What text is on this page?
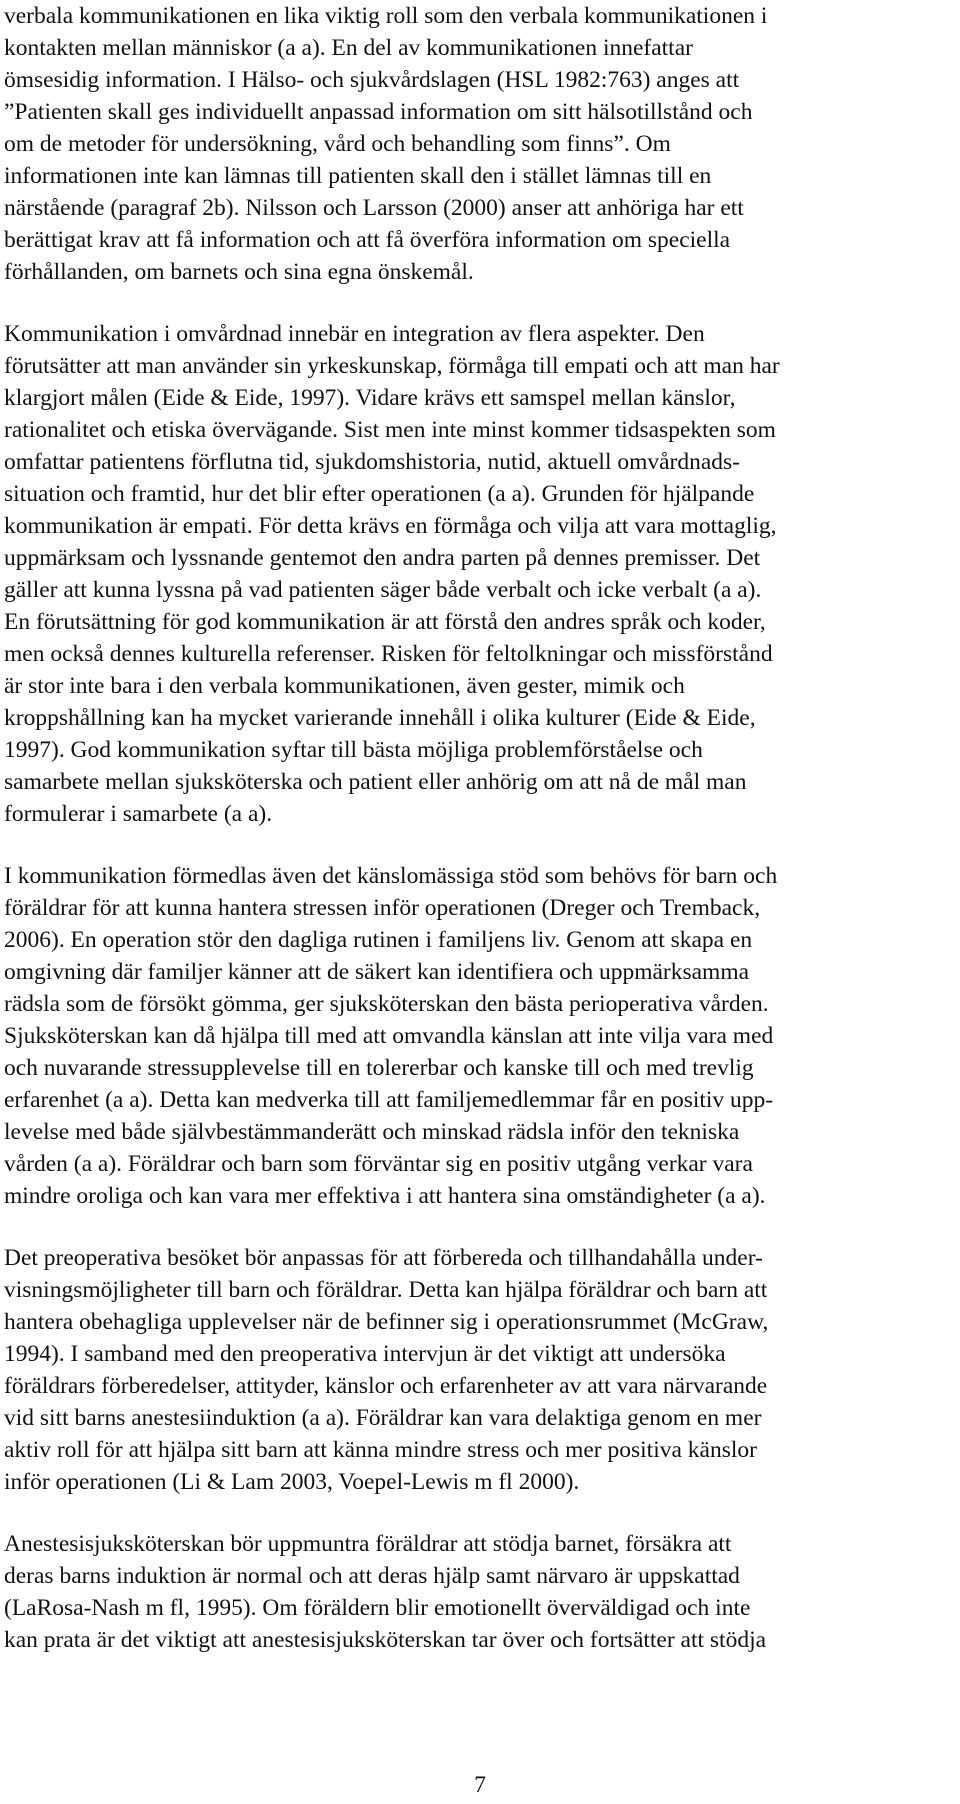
verbala kommunikationen en lika viktig roll som den verbala kommunikationen i
kontakten mellan människor (a a). En del av kommunikationen innefattar
ömsesidig information. I Hälso- och sjukvårdslagen (HSL 1982:763) anges att
”Patienten skall ges individuellt anpassad information om sitt hälsotillstånd och
om de metoder för undersökning, vård och behandling som finns”. Om
informationen inte kan lämnas till patienten skall den i stället lämnas till en
närstående (paragraf 2b). Nilsson och Larsson (2000) anser att anhöriga har ett
berättigat krav att få information och att få överföra information om speciella
förhållanden, om barnets och sina egna önskemål.
Kommunikation i omvårdnad innebär en integration av flera aspekter. Den
förutsätter att man använder sin yrkeskunskap, förmåga till empati och att man har
klargjort målen (Eide & Eide, 1997). Vidare krävs ett samspel mellan känslor,
rationalitet och etiska övervägande. Sist men inte minst kommer tidsaspekten som
omfattar patientens förflutna tid, sjukdomshistoria, nutid, aktuell omvårdnads-
situation och framtid, hur det blir efter operationen (a a). Grunden för hjälpande
kommunikation är empati. För detta krävs en förmåga och vilja att vara mottaglig,
uppmärksam och lyssnande gentemot den andra parten på dennes premisser. Det
gäller att kunna lyssna på vad patienten säger både verbalt och icke verbalt (a a).
En förutsättning för god kommunikation är att förstå den andres språk och koder,
men också dennes kulturella referenser. Risken för feltolkningar och missförstånd
är stor inte bara i den verbala kommunikationen, även gester, mimik och
kroppshållning kan ha mycket varierande innehåll i olika kulturer (Eide & Eide,
1997). God kommunikation syftar till bästa möjliga problemförståelse och
samarbete mellan sjuksköterska och patient eller anhörig om att nå de mål man
formulerar i samarbete (a a).
I kommunikation förmedlas även det känslomässiga stöd som behövs för barn och
föräldrar för att kunna hantera stressen inför operationen (Dreger och Tremback,
2006). En operation stör den dagliga rutinen i familjens liv. Genom att skapa en
omgivning där familjer känner att de säkert kan identifiera och uppmärksamma
rädsla som de försökt gömma, ger sjuksköterskan den bästa perioperativa vården.
Sjuksköterskan kan då hjälpa till med att omvandla känslan att inte vilja vara med
och nuvarande stressupplevelse till en tolererbar och kanske till och med trevlig
erfarenhet (a a). Detta kan medverka till att familjemedlemmar får en positiv upp-
levelse med både självbestämmanderätt och minskad rädsla inför den tekniska
vården (a a). Föräldrar och barn som förväntar sig en positiv utgång verkar vara
mindre oroliga och kan vara mer effektiva i att hantera sina omständigheter (a a).
Det preoperativa besöket bör anpassas för att förbereda och tillhandahålla under-
visningsmöjligheter till barn och föräldrar. Detta kan hjälpa föräldrar och barn att
hantera obehagliga upplevelser när de befinner sig i operationsrummet (McGraw,
1994). I samband med den preoperativa intervjun är det viktigt att undersöka
föräldrars förberedelser, attityder, känslor och erfarenheter av att vara närvarande
vid sitt barns anestesiinduktion (a a). Föräldrar kan vara delaktiga genom en mer
aktiv roll för att hjälpa sitt barn att känna mindre stress och mer positiva känslor
inför operationen (Li & Lam 2003, Voepel-Lewis m fl 2000).
Anestesisjuksköterskan bör uppmuntra föräldrar att stödja barnet, försäkra att
deras barns induktion är normal och att deras hjälp samt närvaro är uppskattad
(LaRosa-Nash m fl, 1995). Om föräldern blir emotionellt överväldigad och inte
kan prata är det viktigt att anestesisjuksköterskan tar över och fortsätter att stödja
7
